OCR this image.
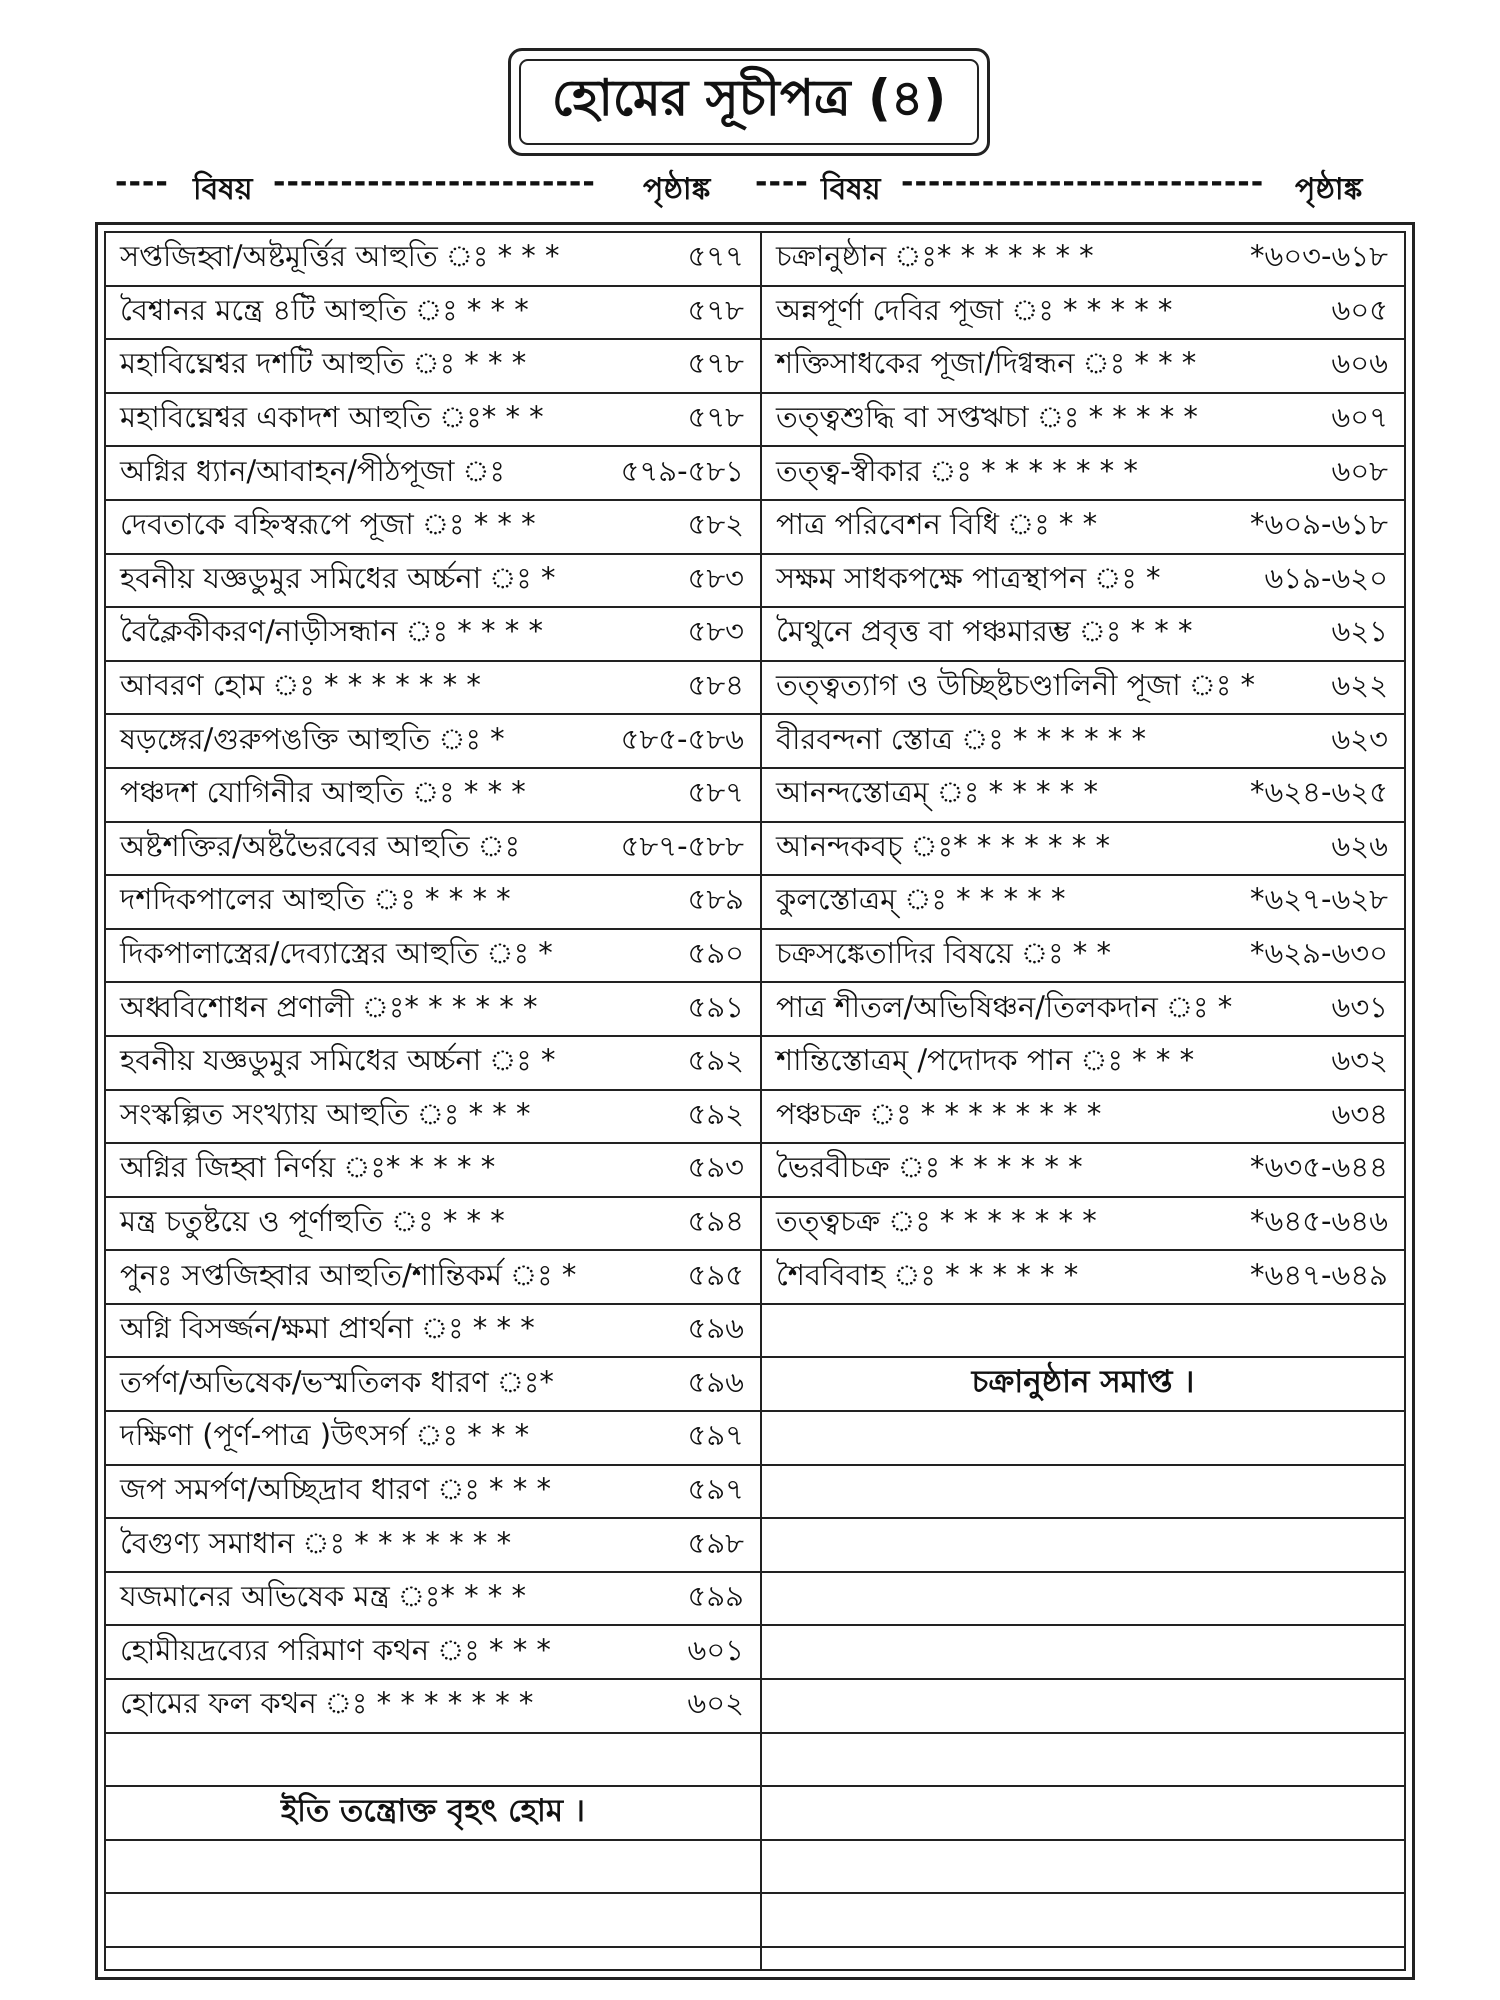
হোমের সূচীপত্র (৪)
---- বিষয় ------------------------ পৃষ্ঠাঙ্ক ---- বিষয় --------------------------- পৃষ্ঠাঙ্ক
সপ্তজিহ্বা/অষ্টমূর্ত্তির আহুতি ঃ * * *	৫৭৭
বৈশ্বানর মন্ত্রে ৪টি আহুতি ঃ * * *	৫৭৮
মহাবিঘ্নেশ্বর দশটি আহুতি ঃ * * *	৫৭৮
মহাবিঘ্নেশ্বর একাদশ আহুতি ঃ* * *	৫৭৮
অগ্নির ধ্যান/আবাহন/পীঠপূজা ঃ	৫৭৯-৫৮১
দেবতাকে বহ্নিস্বরূপে পূজা ঃ * * *	৫৮২
হবনীয় যজ্ঞডুমুর সমিধের অর্চ্চনা ঃ *	৫৮৩
বৈক্লৈকীকরণ/নাড়ীসন্ধান ঃ * * * *	৫৮৩
আবরণ হোম ঃ * * * * * * *	৫৮৪
ষড়ঙ্গের/গুরুপঙক্তি আহুতি ঃ *	৫৮৫-৫৮৬
পঞ্চদশ যোগিনীর আহুতি ঃ * * *	৫৮৭
অষ্টশক্তির/অষ্টভৈরবের আহুতি ঃ	৫৮৭-৫৮৮
দশদিকপালের আহুতি ঃ * * * *	৫৮৯
দিকপালাস্ত্রের/দেব্যাস্ত্রের আহুতি ঃ *	৫৯০
অধ্ববিশোধন প্রণালী ঃ* * * * * *	৫৯১
হবনীয় যজ্ঞডুমুর সমিধের অর্চ্চনা ঃ *	৫৯২
সংস্কল্পিত সংখ্যায় আহুতি ঃ * * *	৫৯২
অগ্নির জিহ্বা নির্ণয় ঃ* * * * *	৫৯৩
মন্ত্র চতুষ্টয়ে ও পূর্ণাহুতি ঃ * * *	৫৯৪
পুনঃ সপ্তজিহ্বার আহুতি/শান্তিকর্ম ঃ *	৫৯৫
অগ্নি বিসর্জ্জন/ক্ষমা প্রার্থনা ঃ * * *	৫৯৬
তর্পণ/অভিষেক/ভস্মতিলক ধারণ ঃ*	৫৯৬
দক্ষিণা (পূর্ণ-পাত্র )উৎসর্গ ঃ * * *	৫৯৭
জপ সমর্পণ/অচ্ছিদ্রাব ধারণ ঃ * * *	৫৯৭
বৈগুণ্য সমাধান ঃ * * * * * * *	৫৯৮
যজমানের অভিষেক মন্ত্র ঃ* * * *	৫৯৯
হোমীয়দ্রব্যের পরিমাণ কথন ঃ * * *	৬০১
হোমের ফল কথন ঃ * * * * * * *	৬০২
ইতি তন্ত্রোক্ত বৃহৎ হোম ।
চক্রানুষ্ঠান ঃ* * * * * * *	*৬০৩-৬১৮
অন্নপূর্ণা দেবির পূজা ঃ * * * * *	৬০৫
শক্তিসাধকের পূজা/দিগ্বন্ধন ঃ * * *	৬০৬
তত্ত্বশুদ্ধি বা সপ্তঋচা ঃ * * * * *	৬০৭
তত্ত্ব-স্বীকার ঃ * * * * * * *	৬০৮
পাত্র পরিবেশন বিধি ঃ * *	*৬০৯-৬১৮
সক্ষম সাধকপক্ষে পাত্রস্থাপন ঃ *	৬১৯-৬২০
মৈথুনে প্রবৃত্ত বা পঞ্চমারম্ভ ঃ * * *	৬২১
তত্ত্বত্যাগ ও উচ্ছিষ্টচণ্ডালিনী পূজা ঃ *	৬২২
বীরবন্দনা স্তোত্র ঃ * * * * * *	৬২৩
আনন্দস্তোত্রম্ ঃ * * * * *	*৬২৪-৬২৫
আনন্দকবচ্ ঃ* * * * * * *	৬২৬
কুলস্তোত্রম্ ঃ * * * * *	*৬২৭-৬২৮
চক্রসঙ্কেতাদির বিষয়ে ঃ * *	*৬২৯-৬৩০
পাত্র শীতল/অভিষিঞ্চন/তিলকদান ঃ *	৬৩১
শান্তিস্তোত্রম্ /পদোদক পান ঃ * * *	৬৩২
পঞ্চচক্র ঃ * * * * * * * *	৬৩৪
ভৈরবীচক্র ঃ * * * * * *	*৬৩৫-৬৪৪
তত্ত্বচক্র ঃ * * * * * * *	*৬৪৫-৬৪৬
শৈববিবাহ ঃ * * * * * *	*৬৪৭-৬৪৯
চক্রানুষ্ঠান সমাপ্ত ।
